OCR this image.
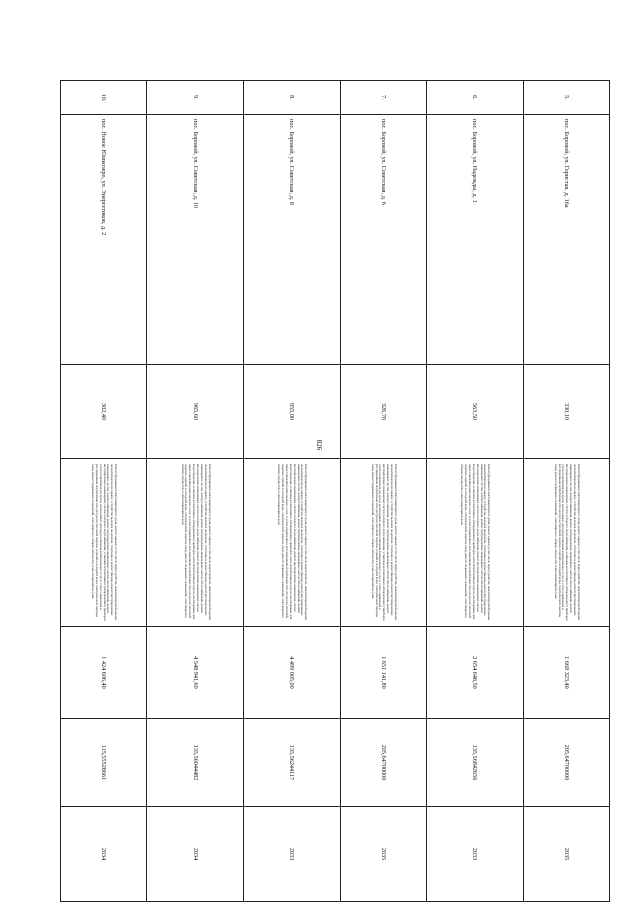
826
5.	пос. Боровой, ул. Гористая, д. 16а	330,10	Ремонт фундамента многоквартирного дома, ремонт крыши, в том числе переустройство невентилируемой крыши на вентилируемую крышу, устройство выходов на кровлю, утепление и ремонт фасада, ремонт внутридомовых инженерных систем электроснабжения, ремонт внутридомовых инженерных систем теплоснабжения, ремонт внутридомовых инженерных систем холодного водоснабжения, установка коллективных (общедомовых) приборов учета потребления ресурсов, необходимых для предоставления коммунальных услуг, и узлов управления и регулирования потребления этих ресурсов (тепловой энергии, горячей и холодной воды, электрической энергии, газа), ремонт подвальных помещений, относящихся к общему имуществу в многоквартирном доме	1 668 323,40	205,64700000	2035
6.	пос. Боровой, ул. Надежды, д. 1	563,50	Ремонт фундамента многоквартирного дома, ремонт крыши, в том числе переустройство невентилируемой крыши на вентилируемую крышу, устройство выходов на кровлю, утепление и ремонт фасада, ремонт внутридомовых инженерных систем электроснабжения, ремонт внутридомовых инженерных систем теплоснабжения, ремонт внутридомовых инженерных систем холодного водоснабжения, ремонт внутридомовых инженерных систем водоотведения, установка коллективных (общедомовых) приборов учета потребления ресурсов, необходимых для предоставления коммунальных услуг, и узлов управления и регулирования потребления этих ресурсов (тепловой энергии, горячей и холодной воды, электрической энергии, газа), ремонт подвальных помещений, относящихся к общему имуществу в многоквартирном доме	2 654 648,50	135,56842656	2033
7.	пос. Боровой, ул. Советская, д. 6	326,70	Ремонт фундамента многоквартирного дома, ремонт крыши, в том числе переустройство невентилируемой крыши на вентилируемую крышу, устройство выходов на кровлю, утепление и ремонт фасада, ремонт внутридомовых инженерных систем электроснабжения, ремонт внутридомовых инженерных систем теплоснабжения, ремонт внутридомовых инженерных систем холодного водоснабжения, установка коллективных (общедомовых) приборов учета потребления ресурсов, необходимых для предоставления коммунальных услуг, и узлов управления и регулирования потребления этих ресурсов (тепловой энергии, горячей и холодной воды, электрической энергии, газа), ремонт подвальных помещений, относящихся к общему имуществу в многоквартирном доме	1 651 141,80	205,64700000	2035
8.	пос. Боровой, ул. Советская, д. 8	955,00	Ремонт фундамента многоквартирного дома, ремонт крыши, в том числе переустройство невентилируемой крыши на вентилируемую крышу, устройство выходов на кровлю, утепление и ремонт фасада, ремонт внутридомовых инженерных систем электроснабжения, ремонт внутридомовых инженерных систем теплоснабжения, ремонт внутридомовых инженерных систем холодного водоснабжения, ремонт внутридомовых инженерных систем водоотведения, установка коллективных (общедомовых) приборов учета потребления ресурсов, необходимых для предоставления коммунальных услуг, и узлов управления и регулирования потребления этих ресурсов (тепловой энергии, горячей и холодной воды, электрической энергии, газа), ремонт подвальных помещений, относящихся к общему имуществу в многоквартирном доме	4 499 005,00	135,56244117	2033
9.	пос. Боровой, ул. Советская, д. 10	965,60	Ремонт фундамента многоквартирного дома, ремонт крыши, в том числе переустройство невентилируемой крыши на вентилируемую крышу, устройство выходов на кровлю, утепление и ремонт фасада, ремонт внутридомовых инженерных систем электроснабжения, ремонт внутридомовых инженерных систем теплоснабжения, ремонт внутридомовых инженерных систем холодного водоснабжения, ремонт внутридомовых инженерных систем водоотведения, установка коллективных (общедомовых) приборов учета потребления ресурсов, необходимых для предоставления коммунальных услуг, и узлов управления и регулирования потребления этих ресурсов (тепловой энергии, горячей и холодной воды, электрической энергии, газа), ремонт подвальных помещений, относящихся к общему имуществу в многоквартирном доме	4 548 941,60	135,56044482	2034
10.	пос. Новое Юшкозеро, ул. Энергетиков, д. 2	302,40	Ремонт фундамента многоквартирного дома, ремонт крыши, в том числе переустройство невентилируемой крыши на вентилируемую крышу, устройство выходов на кровлю, утепление и ремонт фасада, ремонт внутридомовых инженерных систем электроснабжения, ремонт внутридомовых инженерных систем теплоснабжения, ремонт внутридомовых инженерных систем холодного водоснабжения, установка коллективных (общедомовых) приборов учета потребления ресурсов, необходимых для предоставления коммунальных услуг, и узлов управления и регулирования потребления этих ресурсов (тепловой энергии, горячей и холодной воды, электрической энергии, газа), ремонт подвальных помещений, относящихся к общему имуществу в многоквартирном доме	1 424 606,40	115,55528661	2034
